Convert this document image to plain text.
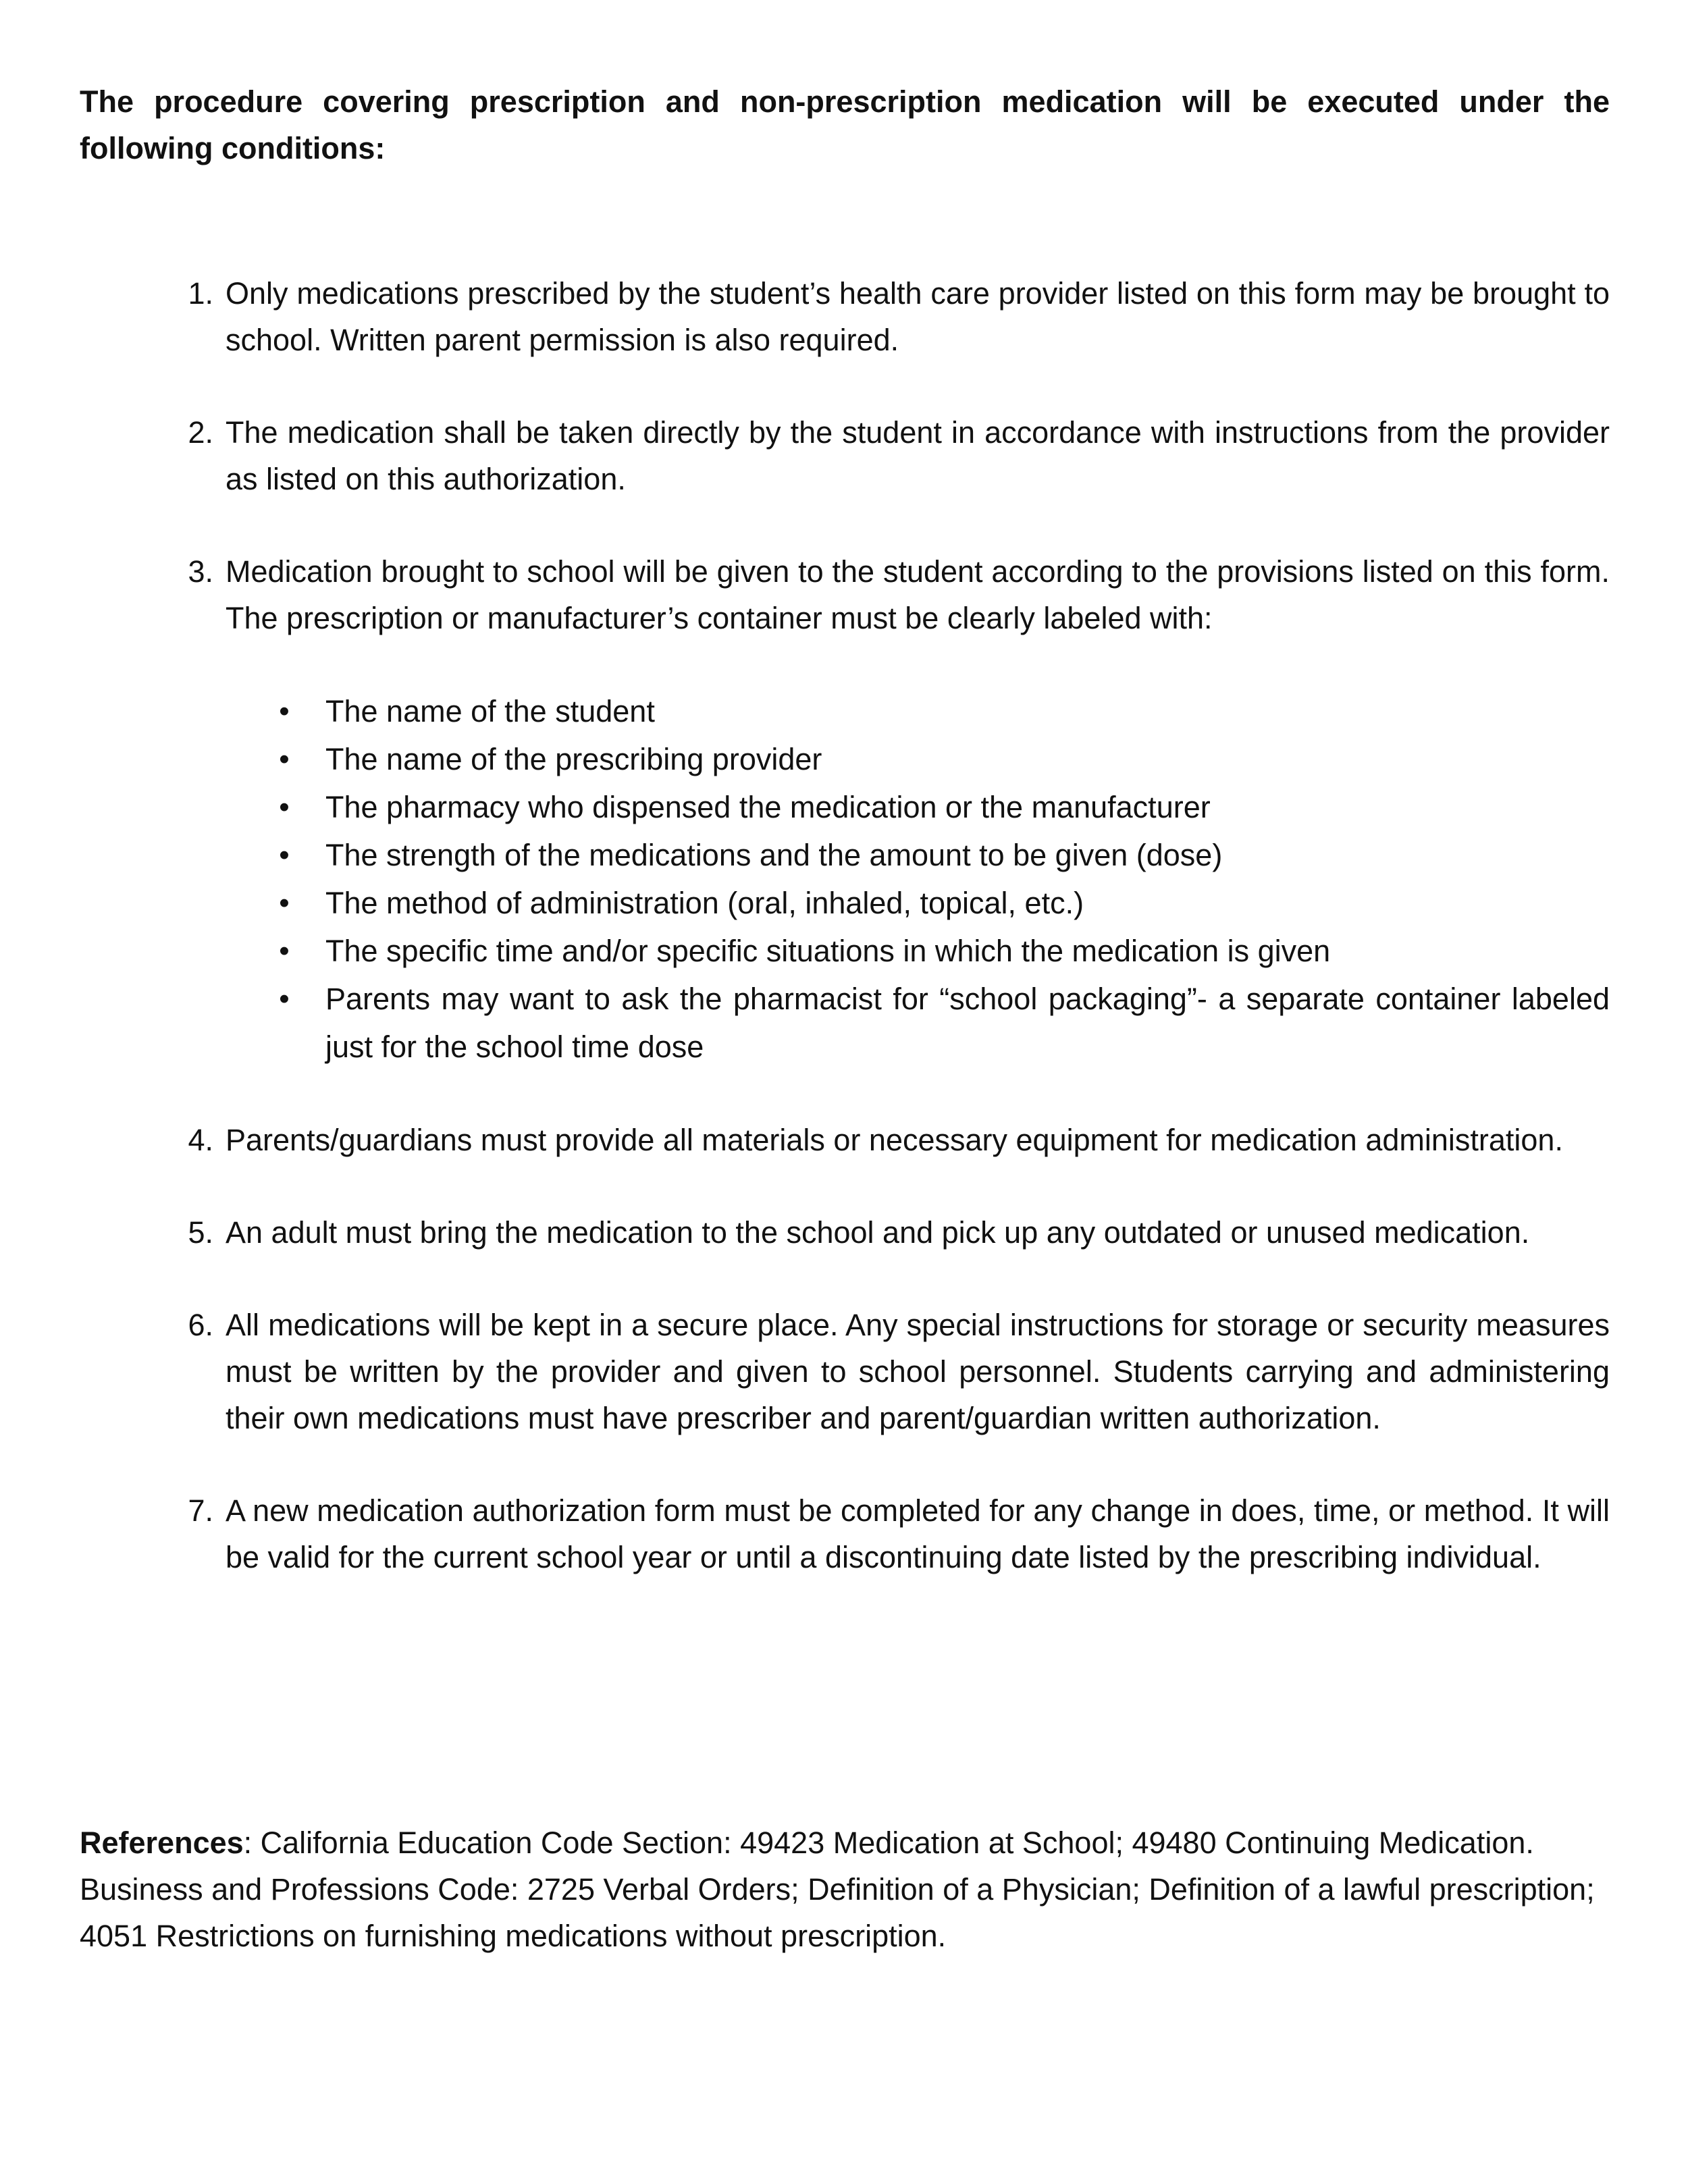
The procedure covering prescription and non-prescription medication will be executed under the following conditions:

1. Only medications prescribed by the student’s health care provider listed on this form may be brought to school. Written parent permission is also required.
2. The medication shall be taken directly by the student in accordance with instructions from the provider as listed on this authorization.
3. Medication brought to school will be given to the student according to the provisions listed on this form. The prescription or manufacturer’s container must be clearly labeled with:
• The name of the student
• The name of the prescribing provider
• The pharmacy who dispensed the medication or the manufacturer
• The strength of the medications and the amount to be given (dose)
• The method of administration (oral, inhaled, topical, etc.)
• The specific time and/or specific situations in which the medication is given
• Parents may want to ask the pharmacist for “school packaging”- a separate container labeled just for the school time dose
4. Parents/guardians must provide all materials or necessary equipment for medication administration.
5. An adult must bring the medication to the school and pick up any outdated or unused medication.
6. All medications will be kept in a secure place. Any special instructions for storage or security measures must be written by the provider and given to school personnel. Students carrying and administering their own medications must have prescriber and parent/guardian written authorization.
7. A new medication authorization form must be completed for any change in does, time, or method. It will be valid for the current school year or until a discontinuing date listed by the prescribing individual.

References: California Education Code Section: 49423 Medication at School; 49480 Continuing Medication. Business and Professions Code: 2725 Verbal Orders; Definition of a Physician; Definition of a lawful prescription; 4051 Restrictions on furnishing medications without prescription.
